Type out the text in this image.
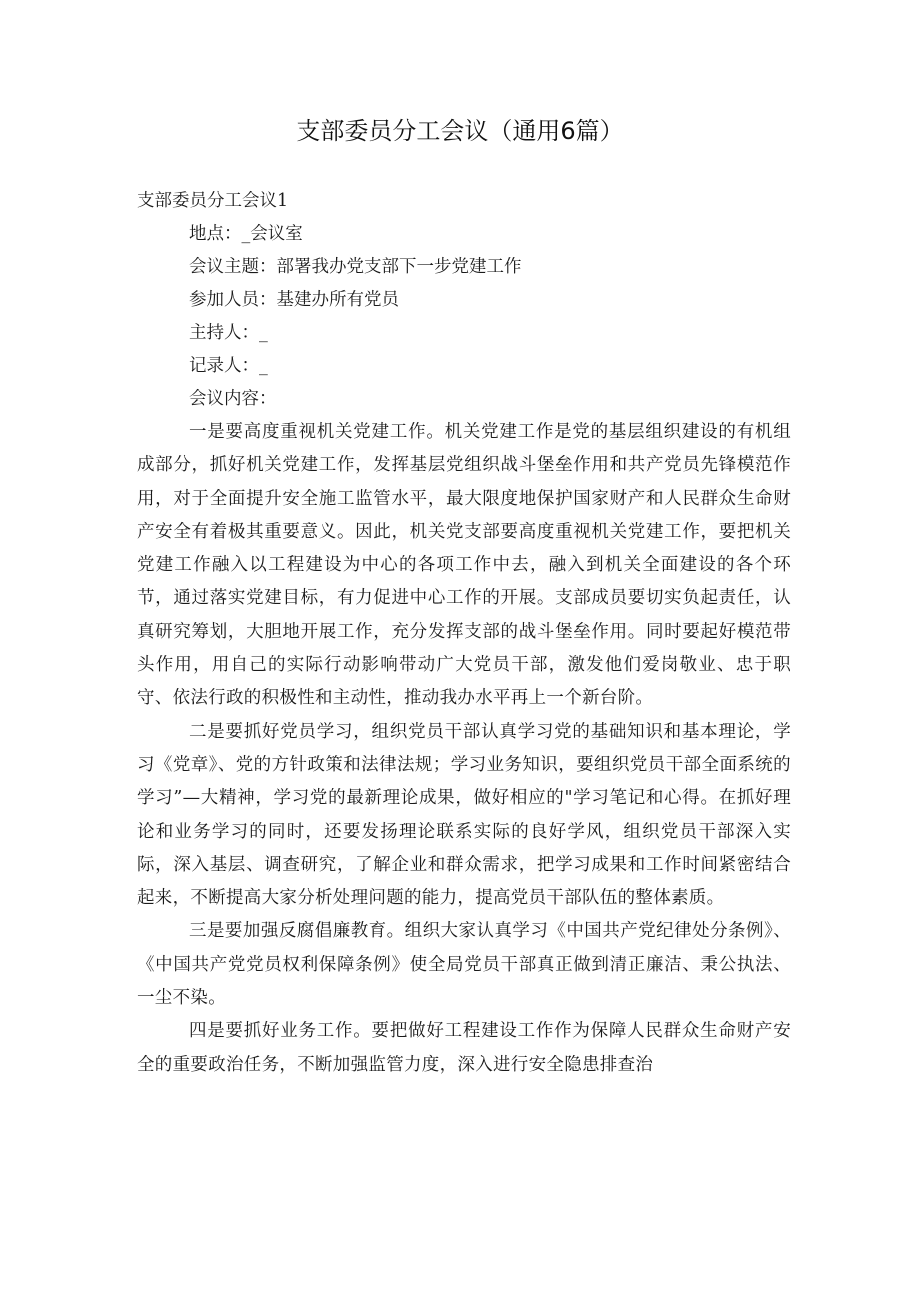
支部委员分工会议（通用6篇）

支部委员分工会议1

地点：_会议室

会议主题：部署我办党支部下一步党建工作

参加人员：基建办所有党员

主持人：_

记录人：_

会议内容：

一是要高度重视机关党建工作。机关党建工作是党的基层组织建设的有机组成部分，抓好机关党建工作，发挥基层党组织战斗堡垒作用和共产党员先锋模范作用，对于全面提升安全施工监管水平，最大限度地保护国家财产和人民群众生命财产安全有着极其重要意义。因此，机关党支部要高度重视机关党建工作，要把机关党建工作融入以工程建设为中心的各项工作中去，融入到机关全面建设的各个环节，通过落实党建目标，有力促进中心工作的开展。支部成员要切实负起责任，认真研究筹划，大胆地开展工作，充分发挥支部的战斗堡垒作用。同时要起好模范带头作用，用自己的实际行动影响带动广大党员干部，激发他们爱岗敬业、忠于职守、依法行政的积极性和主动性，推动我办水平再上一个新台阶。

二是要抓好党员学习，组织党员干部认真学习党的基础知识和基本理论，学习《党章》、党的方针政策和法律法规；学习业务知识，要组织党员干部全面系统的学习”—大精神，学习党的最新理论成果，做好相应的"学习笔记和心得。在抓好理论和业务学习的同时，还要发扬理论联系实际的良好学风，组织党员干部深入实际，深入基层、调查研究，了解企业和群众需求，把学习成果和工作时间紧密结合起来，不断提高大家分析处理问题的能力，提高党员干部队伍的整体素质。

三是要加强反腐倡廉教育。组织大家认真学习《中国共产党纪律处分条例》、《中国共产党党员权利保障条例》使全局党员干部真正做到清正廉洁、秉公执法、一尘不染。

四是要抓好业务工作。要把做好工程建设工作作为保障人民群众生命财产安全的重要政治任务，不断加强监管力度，深入进行安全隐患排查治
